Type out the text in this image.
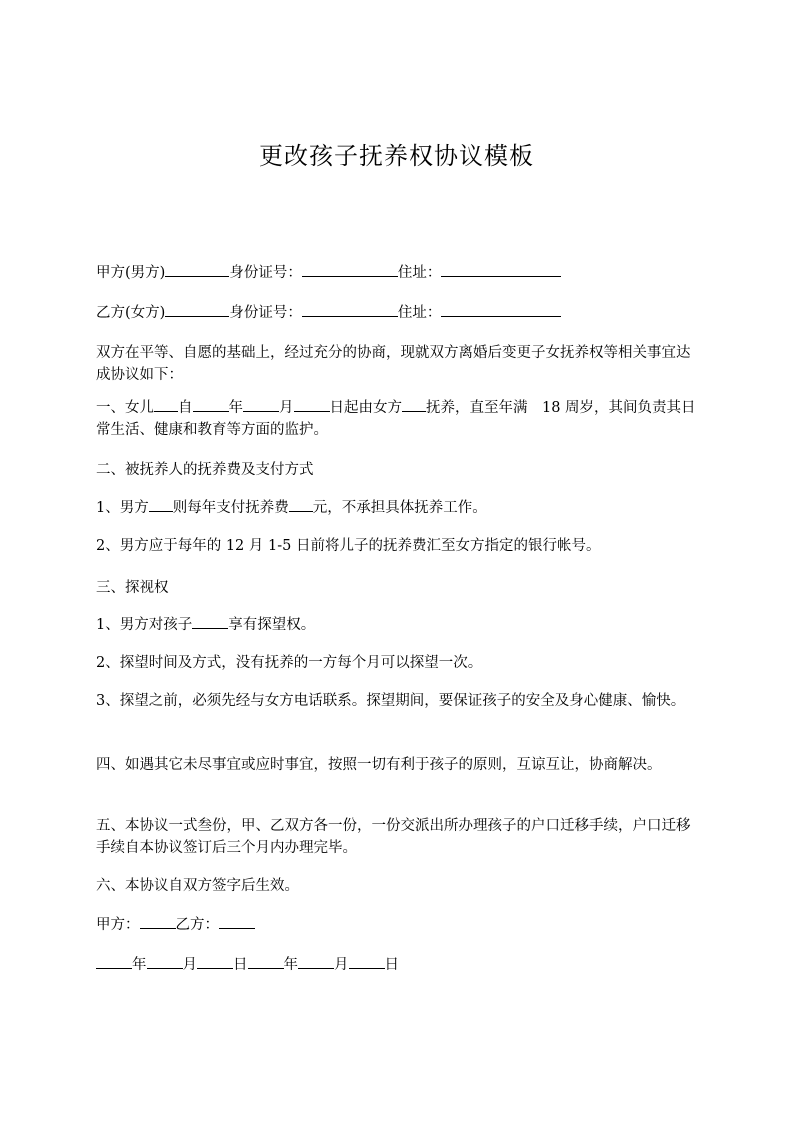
更改孩子抚养权协议模板
甲方(男方)	身份证号：	住址：
乙方(女方)	身份证号：	住址：
双方在平等、自愿的基础上，经过充分的协商，现就双方离婚后变更子女抚养权等相关事宜达成协议如下：
一、女儿 自 年 月 日起由女方 抚养，直至年满　18 周岁，其间负责其日常生活、健康和教育等方面的监护。
二、被抚养人的抚养费及支付方式
1、男方 则每年支付抚养费 元，不承担具体抚养工作。
2、男方应于每年的 12 月 1-5 日前将儿子的抚养费汇至女方指定的银行帐号。
三、探视权
1、男方对孩子 享有探望权。
2、探望时间及方式，没有抚养的一方每个月可以探望一次。
3、探望之前，必须先经与女方电话联系。探望期间，要保证孩子的安全及身心健康、愉快。
四、如遇其它未尽事宜或应时事宜，按照一切有利于孩子的原则，互谅互让，协商解决。
五、本协议一式叁份，甲、乙双方各一份，一份交派出所办理孩子的户口迁移手续，户口迁移手续自本协议签订后三个月内办理完毕。
六、本协议自双方签字后生效。
甲方： 乙方：
年 月 日 年 月 日
